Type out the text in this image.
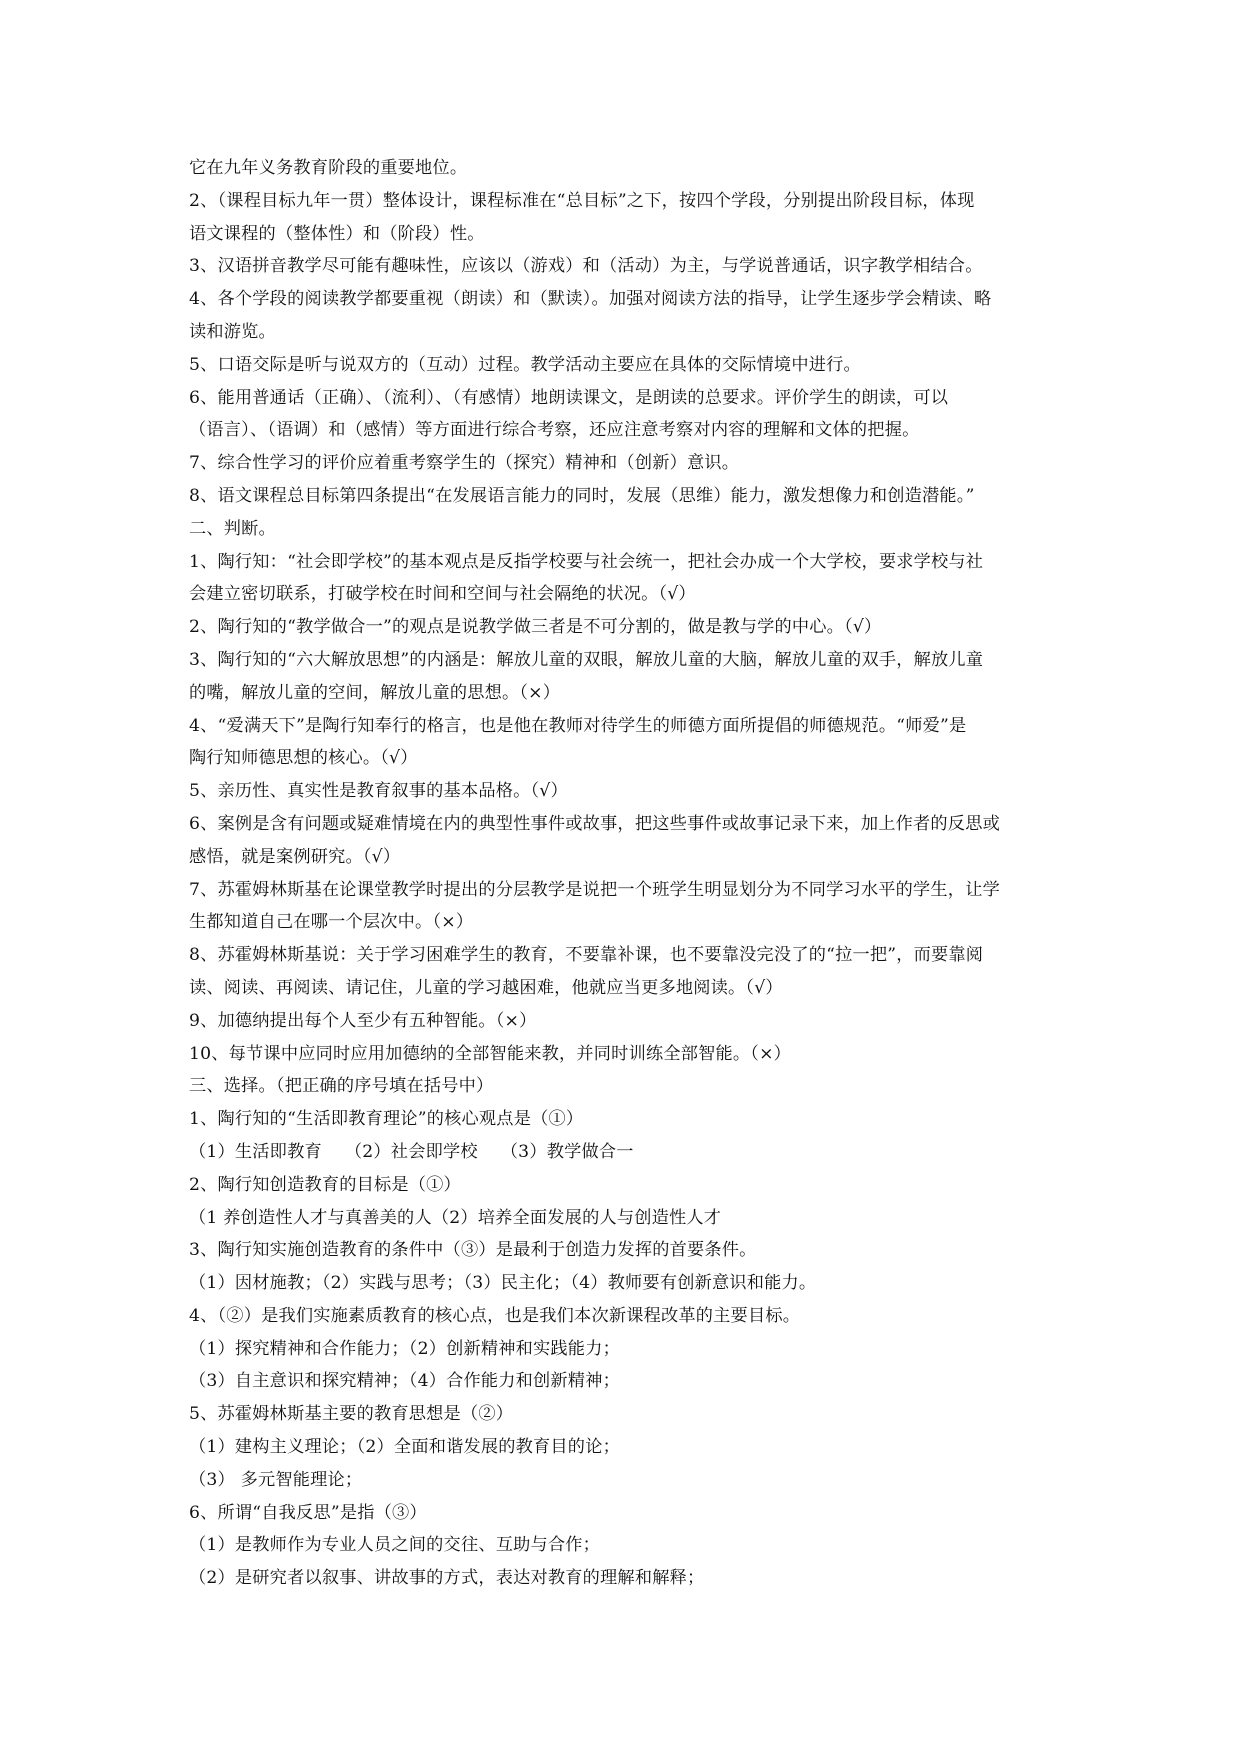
它在九年义务教育阶段的重要地位。
2、（课程目标九年一贯）整体设计，课程标准在“总目标”之下，按四个学段，分别提出阶段目标，体现
语文课程的（整体性）和（阶段）性。
3、汉语拼音教学尽可能有趣味性，应该以（游戏）和（活动）为主，与学说普通话，识字教学相结合。
4、各个学段的阅读教学都要重视（朗读）和（默读）。加强对阅读方法的指导，让学生逐步学会精读、略
读和游览。
5、口语交际是听与说双方的（互动）过程。教学活动主要应在具体的交际情境中进行。
6、能用普通话（正确）、（流利）、（有感情）地朗读课文，是朗读的总要求。评价学生的朗读，可以
（语言）、（语调）和（感情）等方面进行综合考察，还应注意考察对内容的理解和文体的把握。
7、综合性学习的评价应着重考察学生的（探究）精神和（创新）意识。
8、语文课程总目标第四条提出“在发展语言能力的同时，发展（思维）能力，激发想像力和创造潜能。”
二、判断。
1、陶行知：“社会即学校”的基本观点是反指学校要与社会统一，把社会办成一个大学校，要求学校与社
会建立密切联系，打破学校在时间和空间与社会隔绝的状况。（√）
2、陶行知的“教学做合一”的观点是说教学做三者是不可分割的，做是教与学的中心。（√）
3、陶行知的“六大解放思想”的内涵是：解放儿童的双眼，解放儿童的大脑，解放儿童的双手，解放儿童
的嘴，解放儿童的空间，解放儿童的思想。（×）
4、“爱满天下”是陶行知奉行的格言，也是他在教师对待学生的师德方面所提倡的师德规范。“师爱”是
陶行知师德思想的核心。（√）
5、亲历性、真实性是教育叙事的基本品格。（√）
6、案例是含有问题或疑难情境在内的典型性事件或故事，把这些事件或故事记录下来，加上作者的反思或
感悟，就是案例研究。（√）
7、苏霍姆林斯基在论课堂教学时提出的分层教学是说把一个班学生明显划分为不同学习水平的学生，让学
生都知道自己在哪一个层次中。（×）
8、苏霍姆林斯基说：关于学习困难学生的教育，不要靠补课，也不要靠没完没了的“拉一把”，而要靠阅
读、阅读、再阅读、请记住，儿童的学习越困难，他就应当更多地阅读。（√）
9、加德纳提出每个人至少有五种智能。（×）
10、每节课中应同时应用加德纳的全部智能来教，并同时训练全部智能。（×）
三、选择。（把正确的序号填在括号中）
1、陶行知的“生活即教育理论”的核心观点是（①）
（1）生活即教育　 （2）社会即学校　 （3）教学做合一
2、陶行知创造教育的目标是（①）
（1 养创造性人才与真善美的人（2）培养全面发展的人与创造性人才
3、陶行知实施创造教育的条件中（③）是最利于创造力发挥的首要条件。
（1）因材施教；（2）实践与思考；（3）民主化；（4）教师要有创新意识和能力。
4、（②）是我们实施素质教育的核心点，也是我们本次新课程改革的主要目标。
（1）探究精神和合作能力；（2）创新精神和实践能力；
（3）自主意识和探究精神；（4）合作能力和创新精神；
5、苏霍姆林斯基主要的教育思想是（②）
（1）建构主义理论；（2）全面和谐发展的教育目的论；
（3） 多元智能理论；
6、所谓“自我反思”是指（③）
（1）是教师作为专业人员之间的交往、互助与合作；
（2）是研究者以叙事、讲故事的方式，表达对教育的理解和解释；
